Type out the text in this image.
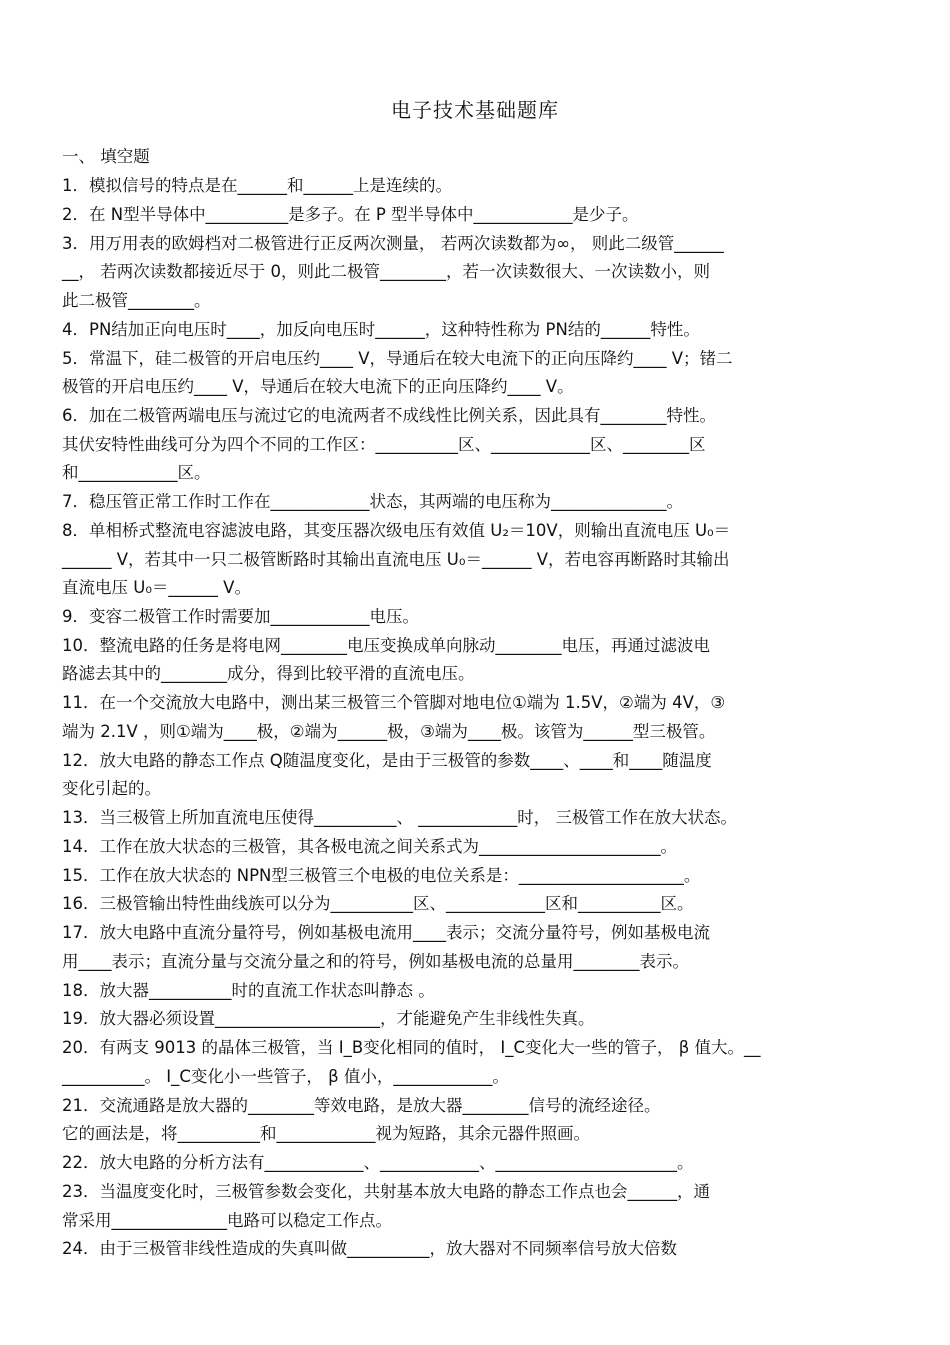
电子技术基础题库
一、 填空题
1．模拟信号的特点是在______和______上是连续的。
2．在 N型半导体中__________是多子。在 P 型半导体中____________是少子。
3．用万用表的欧姆档对二极管进行正反两次测量， 若两次读数都为∞， 则此二级管______
__， 若两次读数都接近尽于 0，则此二极管________，若一次读数很大、一次读数小，则
此二极管________。
4．PN结加正向电压时____，加反向电压时______，这种特性称为 PN结的______特性。
5．常温下，硅二极管的开启电压约____ V，导通后在较大电流下的正向压降约____ V；锗二
极管的开启电压约____ V，导通后在较大电流下的正向压降约____ V。
6．加在二极管两端电压与流过它的电流两者不成线性比例关系，因此具有________特性。
其伏安特性曲线可分为四个不同的工作区：__________区、____________区、________区
和____________区。
7．稳压管正常工作时工作在____________状态，其两端的电压称为______________。
8．单相桥式整流电容滤波电路，其变压器次级电压有效值 U₂＝10V，则输出直流电压 U₀＝
______ V，若其中一只二极管断路时其输出直流电压 U₀＝______ V，若电容再断路时其输出
直流电压 U₀＝______ V。
9．变容二极管工作时需要加____________电压。
10．整流电路的任务是将电网________电压变换成单向脉动________电压，再通过滤波电
路滤去其中的________成分，得到比较平滑的直流电压。
11．在一个交流放大电路中，测出某三极管三个管脚对地电位①端为 1.5V，②端为 4V，③
端为 2.1V ，则①端为____极，②端为______极，③端为____极。该管为______型三极管。
12．放大电路的静态工作点 Q随温度变化，是由于三极管的参数____、____和____随温度
变化引起的。
13．当三极管上所加直流电压使得__________、 ____________时， 三极管工作在放大状态。
14．工作在放大状态的三极管，其各极电流之间关系式为______________________。
15．工作在放大状态的 NPN型三极管三个电极的电位关系是：____________________。
16．三极管输出特性曲线族可以分为__________区、____________区和__________区。
17．放大电路中直流分量符号，例如基极电流用____表示；交流分量符号，例如基极电流
用____表示；直流分量与交流分量之和的符号，例如基极电流的总量用________表示。
18．放大器__________时的直流工作状态叫静态 。
19．放大器必须设置____________________，才能避免产生非线性失真。
20．有两支 9013 的晶体三极管，当 I_B变化相同的值时， I_C变化大一些的管子， β 值大。__
__________。 I_C变化小一些管子， β 值小，____________。
21．交流通路是放大器的________等效电路，是放大器________信号的流经途径。
它的画法是，将__________和____________视为短路，其余元器件照画。
22．放大电路的分析方法有____________、____________、______________________。
23．当温度变化时，三极管参数会变化，共射基本放大电路的静态工作点也会______，通
常采用______________电路可以稳定工作点。
24．由于三极管非线性造成的失真叫做__________，放大器对不同频率信号放大倍数
